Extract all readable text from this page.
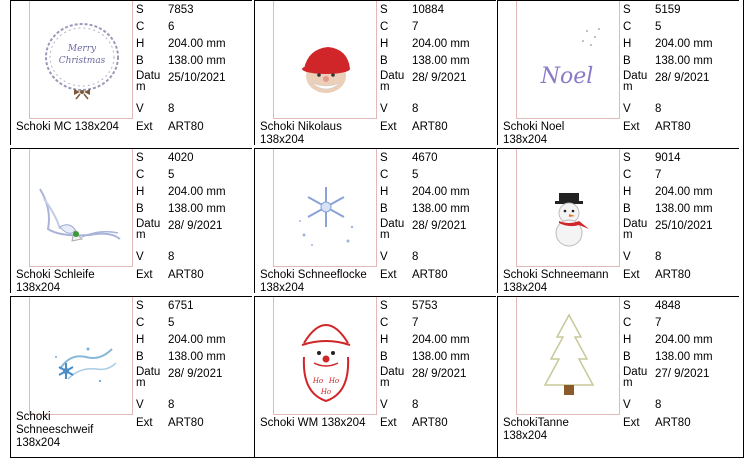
Merry
Christmas
S	7853
C	6
H	204.00 mm
B	138.00 mm
Datu m
25/10/2021
V	8
Ext	ART80
Schoki MC 138x204
S	10884
C	7
H	204.00 mm
B	138.00 mm
Datu m
28/ 9/2021
V	8
Ext	ART80
Schoki Nikolaus 138x204
Noel
S	5159
C	5
H	204.00 mm
B	138.00 mm
Datu m
28/ 9/2021
V	8
Ext	ART80
Schoki Noel 138x204
S	4020
C	5
H	204.00 mm
B	138.00 mm
Datu m
28/ 9/2021
V	8
Ext	ART80
Schoki Schleife 138x204
S	4670
C	5
H	204.00 mm
B	138.00 mm
Datu m
28/ 9/2021
V	8
Ext	ART80
Schoki Schneeflocke 138x204
S	9014
C	7
H	204.00 mm
B	138.00 mm
Datu m
25/10/2021
V	8
Ext	ART80
Schoki Schneemann 138x204
S	6751
C	5
H	204.00 mm
B	138.00 mm
Datu m
28/ 9/2021
V	8
Ext	ART80
Schoki Schneeschweif 138x204
Ho Ho
Ho
S	5753
C	7
H	204.00 mm
B	138.00 mm
Datu m
28/ 9/2021
V	8
Ext	ART80
Schoki WM 138x204
S	4848
C	7
H	204.00 mm
B	138.00 mm
Datu m
27/ 9/2021
V	8
Ext	ART80
SchokiTanne 138x204
